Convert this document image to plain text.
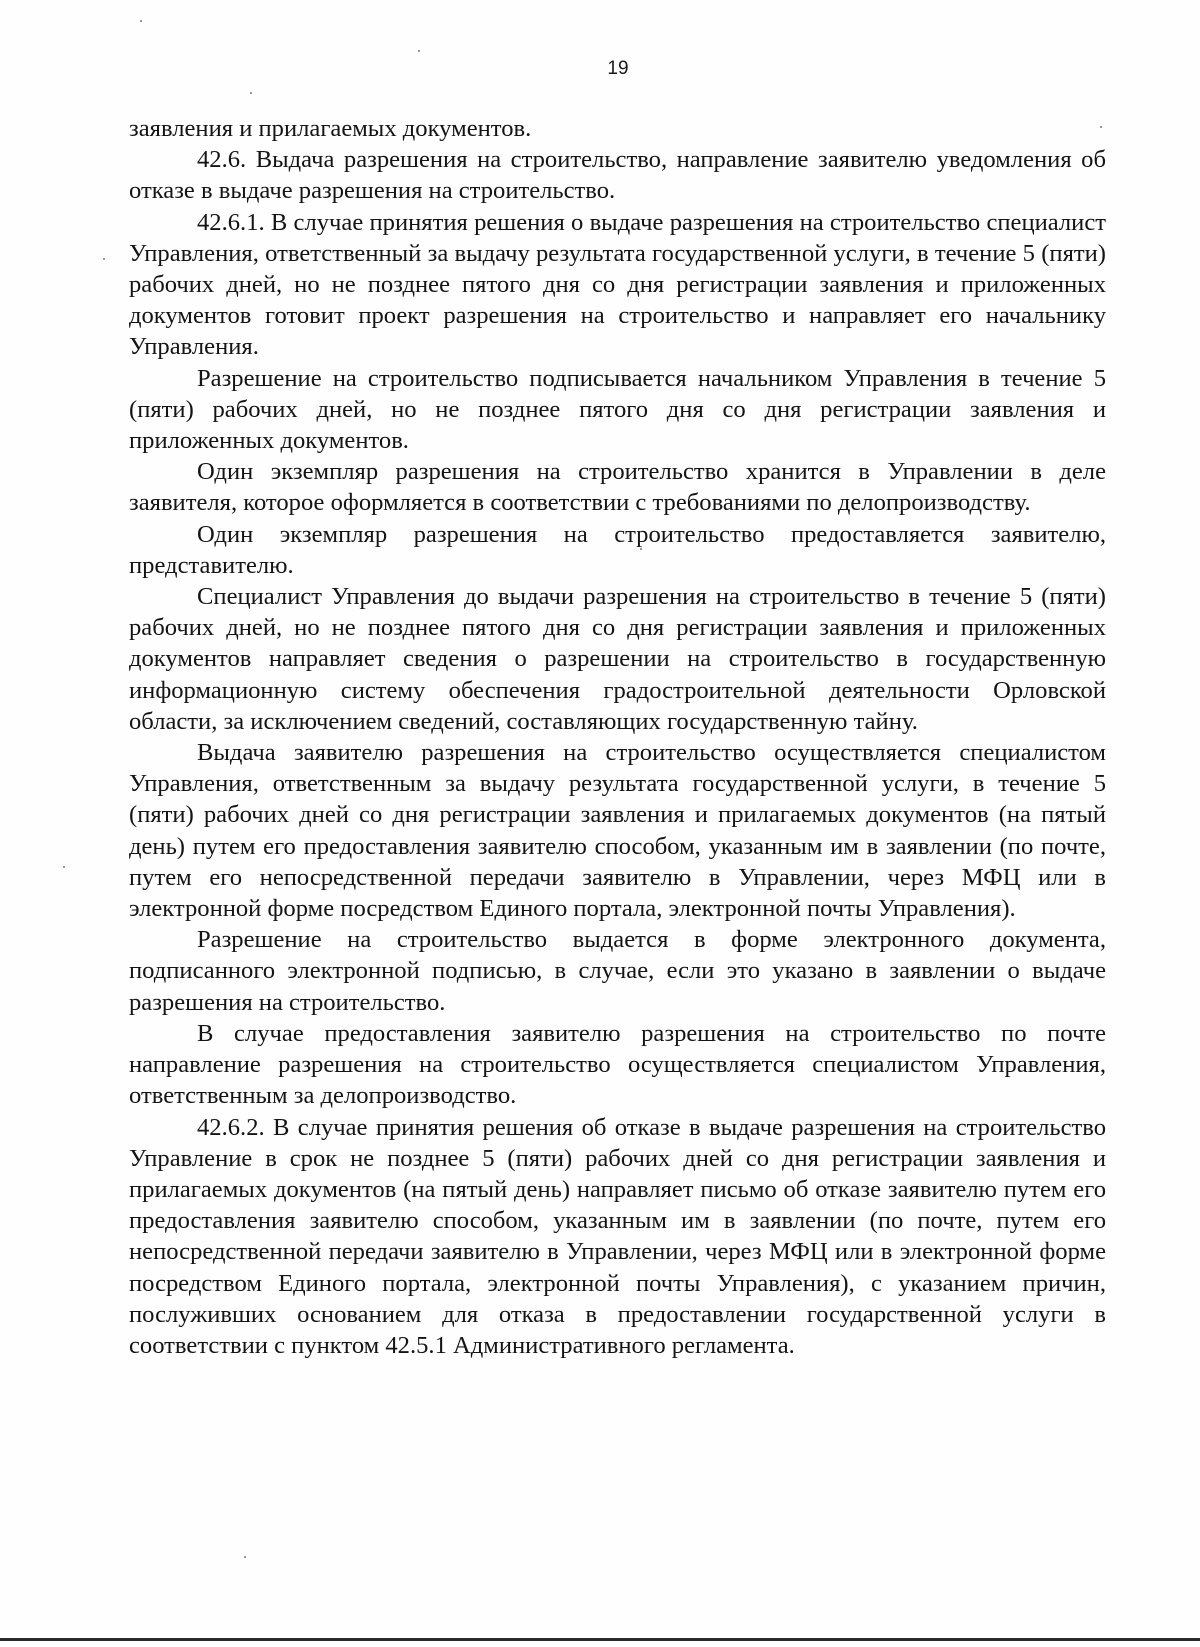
19

заявления и прилагаемых документов.

42.6. Выдача разрешения на строительство, направление заявителю уведомления об отказе в выдаче разрешения на строительство.

42.6.1. В случае принятия решения о выдаче разрешения на строительство специалист Управления, ответственный за выдачу результата государственной услуги, в течение 5 (пяти) рабочих дней, но не позднее пятого дня со дня регистрации заявления и приложенных документов готовит проект разрешения на строительство и направляет его начальнику Управления.

Разрешение на строительство подписывается начальником Управления в течение 5 (пяти) рабочих дней, но не позднее пятого дня со дня регистрации заявления и приложенных документов.

Один экземпляр разрешения на строительство хранится в Управлении в деле заявителя, которое оформляется в соответствии с требованиями по делопроизводству.

Один экземпляр разрешения на строительство предоставляется заявителю, представителю.

Специалист Управления до выдачи разрешения на строительство в течение 5 (пяти) рабочих дней, но не позднее пятого дня со дня регистрации заявления и приложенных документов направляет сведения о разрешении на строительство в государственную информационную систему обеспечения градостроительной деятельности Орловской области, за исключением сведений, составляющих государственную тайну.

Выдача заявителю разрешения на строительство осуществляется специалистом Управления, ответственным за выдачу результата государственной услуги, в течение 5 (пяти) рабочих дней со дня регистрации заявления и прилагаемых документов (на пятый день) путем его предоставления заявителю способом, указанным им в заявлении (по почте, путем его непосредственной передачи заявителю в Управлении, через МФЦ или в электронной форме посредством Единого портала, электронной почты Управления).

Разрешение на строительство выдается в форме электронного документа, подписанного электронной подписью, в случае, если это указано в заявлении о выдаче разрешения на строительство.

В случае предоставления заявителю разрешения на строительство по почте направление разрешения на строительство осуществляется специалистом Управления, ответственным за делопроизводство.

42.6.2. В случае принятия решения об отказе в выдаче разрешения на строительство Управление в срок не позднее 5 (пяти) рабочих дней со дня регистрации заявления и прилагаемых документов (на пятый день) направляет письмо об отказе заявителю путем его предоставления заявителю способом, указанным им в заявлении (по почте, путем его непосредственной передачи заявителю в Управлении, через МФЦ или в электронной форме посредством Единого портала, электронной почты Управления), с указанием причин, послуживших основанием для отказа в предоставлении государственной услуги в соответствии с пунктом 42.5.1 Административного регламента.
